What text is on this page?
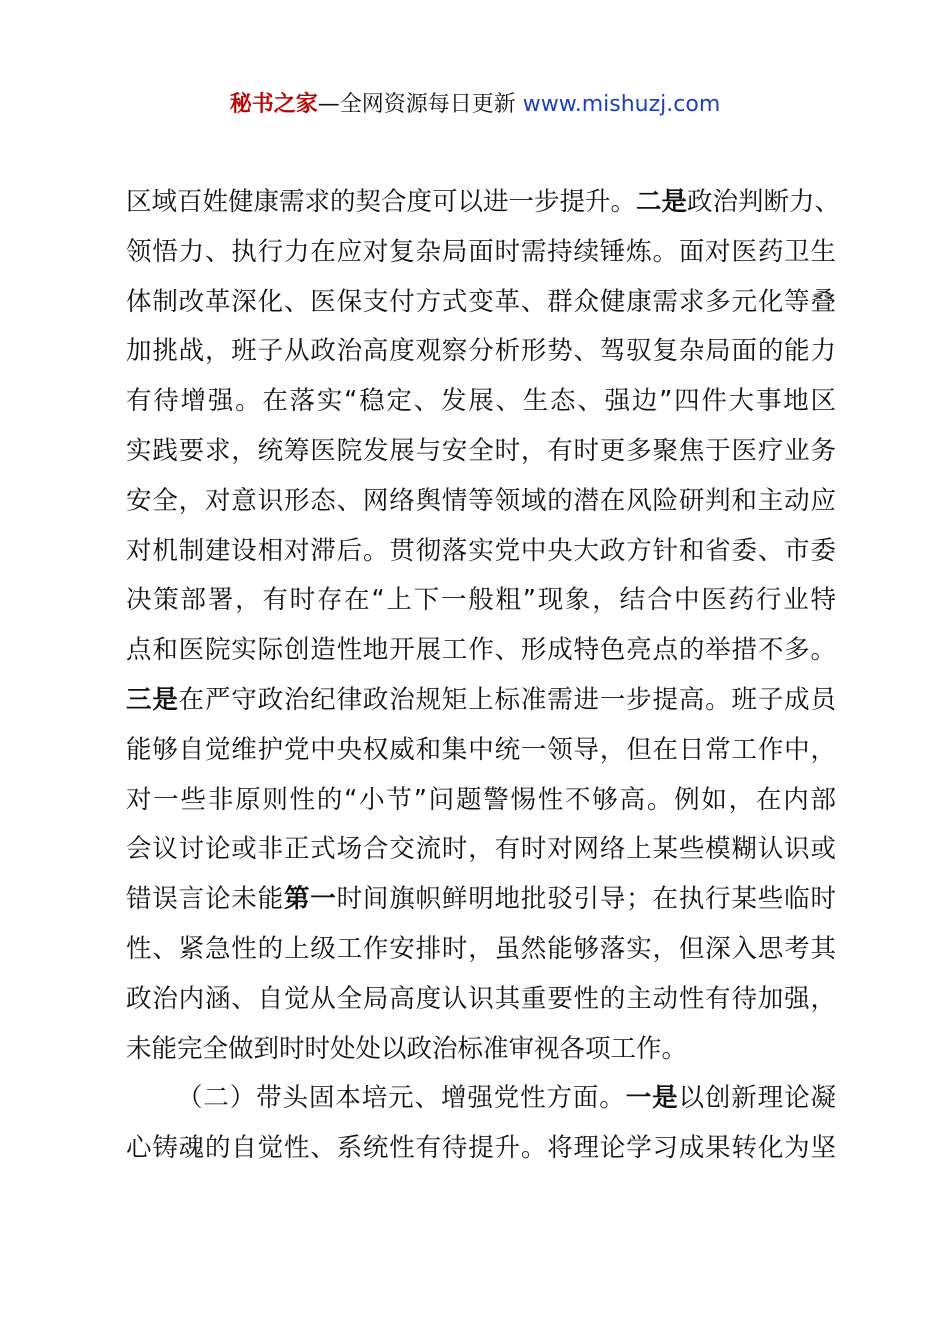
秘书之家—全网资源每日更新 www.mishuzj.com
区域百姓健康需求的契合度可以进一步提升。二是政治判断力、
领悟力、执行力在应对复杂局面时需持续锤炼。面对医药卫生
体制改革深化、医保支付方式变革、群众健康需求多元化等叠
加挑战，班子从政治高度观察分析形势、驾驭复杂局面的能力
有待增强。在落实“稳定、发展、生态、强边”四件大事地区
实践要求，统筹医院发展与安全时，有时更多聚焦于医疗业务
安全，对意识形态、网络舆情等领域的潜在风险研判和主动应
对机制建设相对滞后。贯彻落实党中央大政方针和省委、市委
决策部署，有时存在“上下一般粗”现象，结合中医药行业特
点和医院实际创造性地开展工作、形成特色亮点的举措不多。
三是在严守政治纪律政治规矩上标准需进一步提高。班子成员
能够自觉维护党中央权威和集中统一领导，但在日常工作中，
对一些非原则性的“小节”问题警惕性不够高。例如，在内部
会议讨论或非正式场合交流时，有时对网络上某些模糊认识或
错误言论未能第一时间旗帜鲜明地批驳引导；在执行某些临时
性、紧急性的上级工作安排时，虽然能够落实，但深入思考其
政治内涵、自觉从全局高度认识其重要性的主动性有待加强，
未能完全做到时时处处以政治标准审视各项工作。
（二）带头固本培元、增强党性方面。一是以创新理论凝
心铸魂的自觉性、系统性有待提升。将理论学习成果转化为坚
